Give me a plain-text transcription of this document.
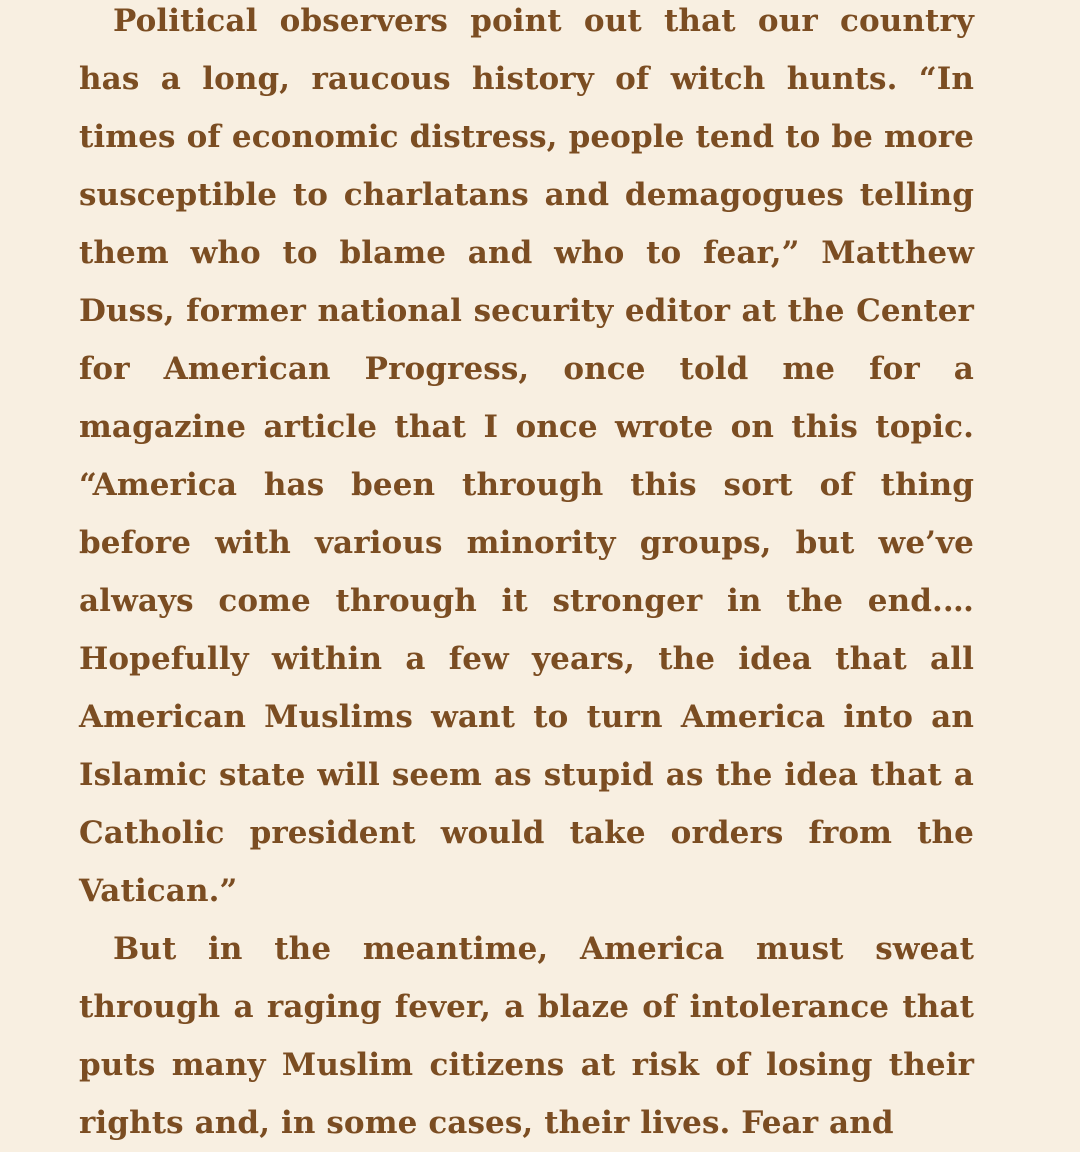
Political observers point out that our country has a long, raucous history of witch hunts. “In times of economic distress, people tend to be more susceptible to charlatans and demagogues telling them who to blame and who to fear,” Matthew Duss, former national security editor at the Center for American Progress, once told me for a magazine article that I once wrote on this topic. “America has been through this sort of thing before with various minority groups, but we’ve always come through it stronger in the end.… Hopefully within a few years, the idea that all American Muslims want to turn America into an Islamic state will seem as stupid as the idea that a Catholic president would take orders from the Vatican.”

But in the meantime, America must sweat through a raging fever, a blaze of intolerance that puts many Muslim citizens at risk of losing their rights and, in some cases, their lives. Fear and
